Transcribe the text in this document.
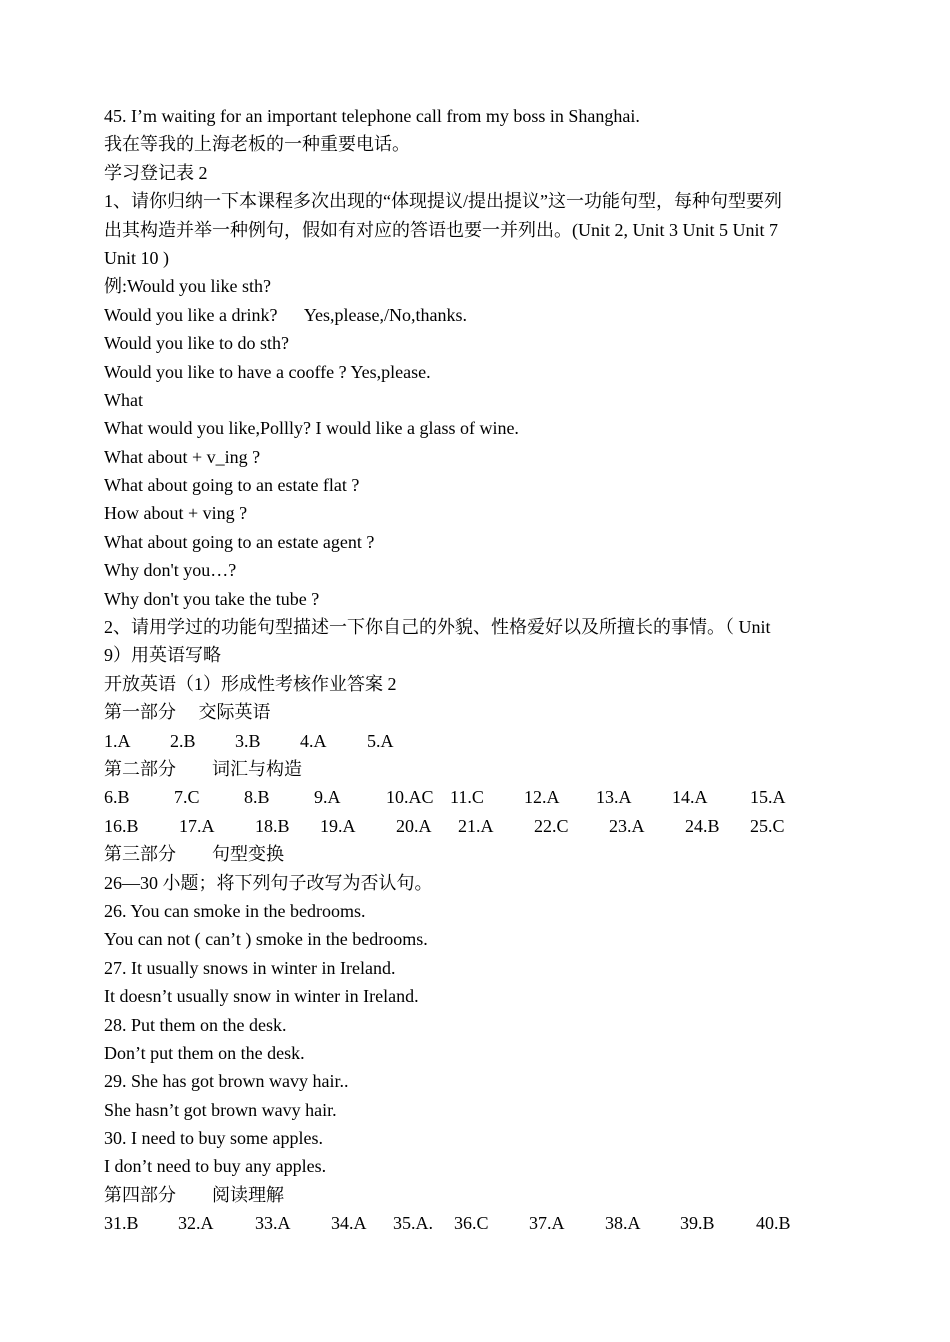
45. I’m waiting for an important telephone call from my boss in Shanghai.
我在等我的上海老板的一种重要电话。
学习登记表 2
1、请你归纳一下本课程多次出现的“体现提议/提出提议”这一功能句型，每种句型要列
出其构造并举一种例句，假如有对应的答语也要一并列出。(Unit 2, Unit 3 Unit 5 Unit 7
Unit 10 )
例:Would you like sth?
Would you like a drink?      Yes,please,/No,thanks.
Would you like to do sth?
Would you like to have a cooffe ? Yes,please.
What
What would you like,Pollly? I would like a glass of wine.
What about + v_ing ?
What about going to an estate flat ?
How about + ving ?
What about going to an estate agent ?
Why don't you…?
Why don't you take the tube ?
2、请用学过的功能句型描述一下你自己的外貌、性格爱好以及所擅长的事情。（ Unit
9）用英语写略
开放英语（1）形成性考核作业答案 2
第一部分     交际英语
1.A	2.B	3.B	4.A	5.A
第二部分        词汇与构造
6.B	7.C	8.B	9.A	10.AC 11.C	12.A	13.A	14.A	15.A
16.B	17.A	18.B	19.A	20.A	21.A	22.C	23.A	24.B	25.C
第三部分        句型变换
26—30 小题；将下列句子改写为否认句。
26. You can smoke in the bedrooms.
You can not ( can’t ) smoke in the bedrooms.
27. It usually snows in winter in Ireland.
It doesn’t usually snow in winter in Ireland.
28. Put them on the desk.
Don’t put them on the desk.
29. She has got brown wavy hair..
She hasn’t got brown wavy hair.
30. I need to buy some apples.
I don’t need to buy any apples.
第四部分        阅读理解
31.B	32.A	33.A	34.A	35.A.	36.C	37.A	38.A	39.B	40.B
